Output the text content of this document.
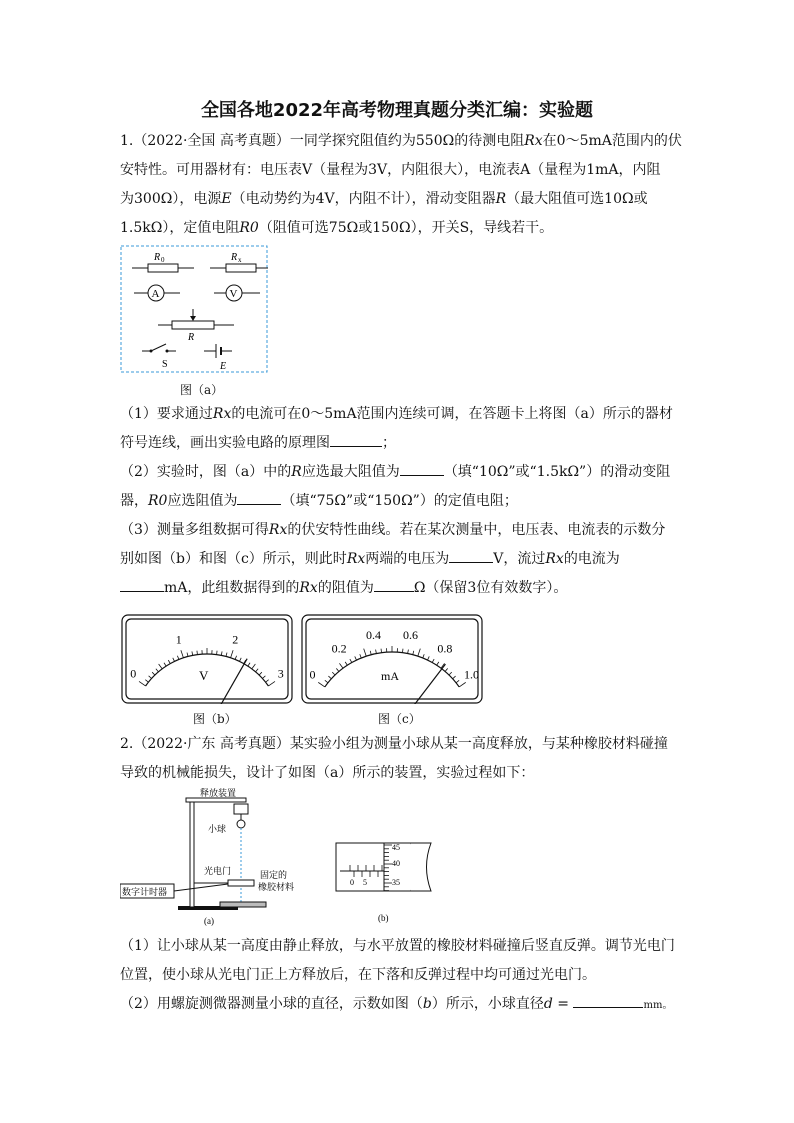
全国各地2022年高考物理真题分类汇编：实验题
1.（2022·全国 高考真题）一同学探究阻值约为550Ω的待测电阻Rx在0～5mA范围内的伏
安特性。可用器材有：电压表V（量程为3V，内阻很大），电流表A（量程为1mA，内阻
为300Ω），电源E（电动势约为4V，内阻不计），滑动变阻器R（最大阻值可选10Ω或
1.5kΩ），定值电阻R0（阻值可选75Ω或150Ω），开关S，导线若干。
R 0	R x
A	V
R
S	E
图（a）
（1）要求通过Rx的电流可在0～5mA范围内连续可调，在答题卡上将图（a）所示的器材
符号连线，画出实验电路的原理图	；
（2）实验时，图（a）中的R应选最大阻值为	（填“10Ω”或“1.5kΩ”）的滑动变阻
器，R0应选阻值为	（填“75Ω”或“150Ω”）的定值电阻；
（3）测量多组数据可得Rx的伏安特性曲线。若在某次测量中，电压表、电流表的示数分
别如图（b）和图（c）所示，则此时Rx两端的电压为	V，流过Rx的电流为
mA，此组数据得到的Rx的阻值为	Ω（保留3位有效数字）。
0
1	2
3
V
图（b）
0
0.2
0.4 0.6
0.8
1.0
mA
图（c）
2.（2022·广东 高考真题）某实验小组为测量小球从某一高度释放，与某种橡胶材料碰撞
导致的机械能损失，设计了如图（a）所示的装置，实验过程如下：
释放装置
小球
光电门
数字计时器
固定的
橡胶材料
(a)
0 5
45
40
35
(b)
（1）让小球从某一高度由静止释放，与水平放置的橡胶材料碰撞后竖直反弹。调节光电门
位置，使小球从光电门正上方释放后，在下落和反弹过程中均可通过光电门。
（2）用螺旋测微器测量小球的直径，示数如图（b）所示，小球直径d =	mm。
